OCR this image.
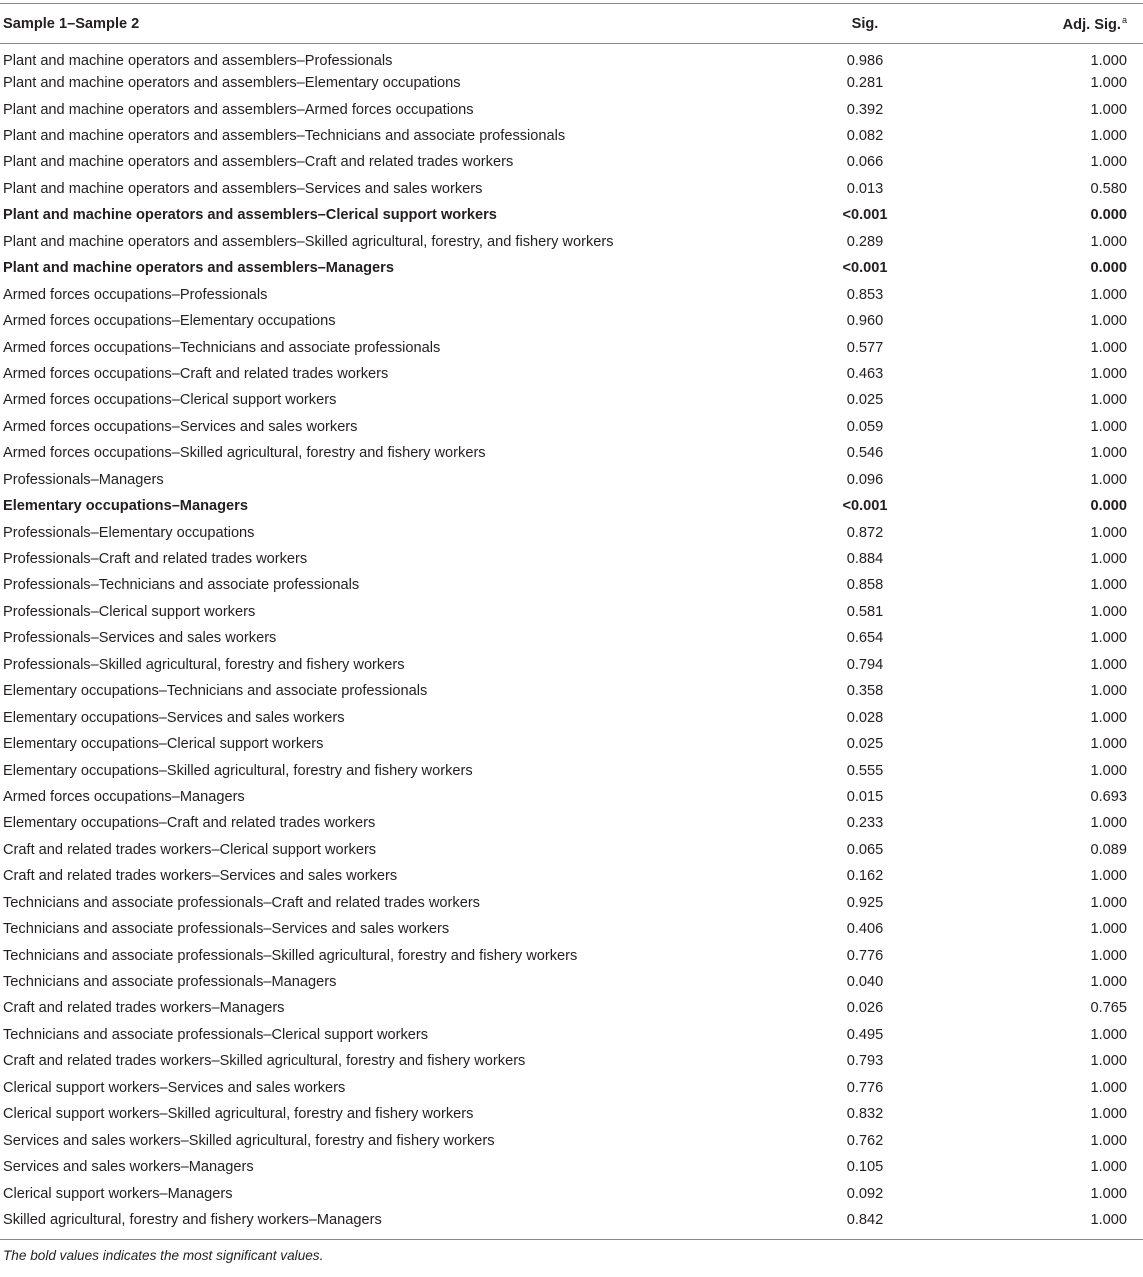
Sample 1–Sample 2	Sig.	Adj. Sig.$^a$
Plant and machine operators and assemblers–Professionals	0.986	1.000
Plant and machine operators and assemblers–Elementary occupations	0.281	1.000
Plant and machine operators and assemblers–Armed forces occupations	0.392	1.000
Plant and machine operators and assemblers–Technicians and associate professionals	0.082	1.000
Plant and machine operators and assemblers–Craft and related trades workers	0.066	1.000
Plant and machine operators and assemblers–Services and sales workers	0.013	0.580
Plant and machine operators and assemblers–Clerical support workers	<0.001	0.000
Plant and machine operators and assemblers–Skilled agricultural, forestry, and fishery workers	0.289	1.000
Plant and machine operators and assemblers–Managers	<0.001	0.000
Armed forces occupations–Professionals	0.853	1.000
Armed forces occupations–Elementary occupations	0.960	1.000
Armed forces occupations–Technicians and associate professionals	0.577	1.000
Armed forces occupations–Craft and related trades workers	0.463	1.000
Armed forces occupations–Clerical support workers	0.025	1.000
Armed forces occupations–Services and sales workers	0.059	1.000
Armed forces occupations–Skilled agricultural, forestry and fishery workers	0.546	1.000
Professionals–Managers	0.096	1.000
Elementary occupations–Managers	<0.001	0.000
Professionals–Elementary occupations	0.872	1.000
Professionals–Craft and related trades workers	0.884	1.000
Professionals–Technicians and associate professionals	0.858	1.000
Professionals–Clerical support workers	0.581	1.000
Professionals–Services and sales workers	0.654	1.000
Professionals–Skilled agricultural, forestry and fishery workers	0.794	1.000
Elementary occupations–Technicians and associate professionals	0.358	1.000
Elementary occupations–Services and sales workers	0.028	1.000
Elementary occupations–Clerical support workers	0.025	1.000
Elementary occupations–Skilled agricultural, forestry and fishery workers	0.555	1.000
Armed forces occupations–Managers	0.015	0.693
Elementary occupations–Craft and related trades workers	0.233	1.000
Craft and related trades workers–Clerical support workers	0.065	0.089
Craft and related trades workers–Services and sales workers	0.162	1.000
Technicians and associate professionals–Craft and related trades workers	0.925	1.000
Technicians and associate professionals–Services and sales workers	0.406	1.000
Technicians and associate professionals–Skilled agricultural, forestry and fishery workers	0.776	1.000
Technicians and associate professionals–Managers	0.040	1.000
Craft and related trades workers–Managers	0.026	0.765
Technicians and associate professionals–Clerical support workers	0.495	1.000
Craft and related trades workers–Skilled agricultural, forestry and fishery workers	0.793	1.000
Clerical support workers–Services and sales workers	0.776	1.000
Clerical support workers–Skilled agricultural, forestry and fishery workers	0.832	1.000
Services and sales workers–Skilled agricultural, forestry and fishery workers	0.762	1.000
Services and sales workers–Managers	0.105	1.000
Clerical support workers–Managers	0.092	1.000
Skilled agricultural, forestry and fishery workers–Managers	0.842	1.000
The bold values indicates the most significant values.
